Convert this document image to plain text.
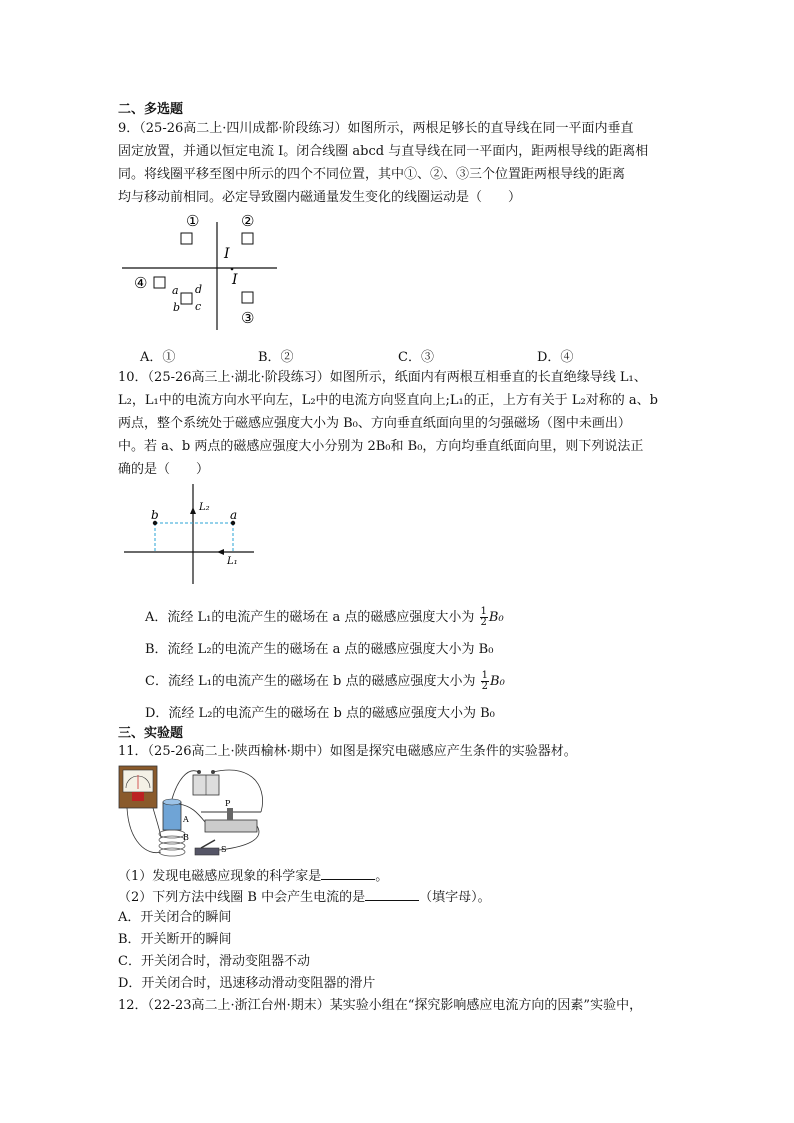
二、多选题
9．（25-26高二上·四川成都·阶段练习）如图所示，两根足够长的直导线在同一平面内垂直
固定放置，并通以恒定电流 I。闭合线圈 abcd 与直导线在同一平面内，距两根导线的距离相
同。将线圈平移至图中所示的四个不同位置，其中①、②、③三个位置距两根导线的距离
均与移动前相同。必定导致圈内磁通量发生变化的线圈运动是（　　）
①	②
I
I
④ a d
b c
③
A．①	B．②	C．③	D．④
10．（25-26高三上·湖北·阶段练习）如图所示，纸面内有两根互相垂直的长直绝缘导线 L₁、
L₂，L₁中的电流方向水平向左，L₂中的电流方向竖直向上;L₁的正，上方有关于 L₂对称的 a、b
两点，整个系统处于磁感应强度大小为 B₀、方向垂直纸面向里的匀强磁场（图中未画出）
中。若 a、b 两点的磁感应强度大小分别为 2B₀和 B₀，方向均垂直纸面向里，则下列说法正
确的是（　　）
b	a
L₂
L₁
A．流经 L₁的电流产生的磁场在 a 点的磁感应强度大小为 $\frac{1}{2} B_0$
B．流经 L₂的电流产生的磁场在 a 点的磁感应强度大小为 B₀
C．流经 L₁的电流产生的磁场在 b 点的磁感应强度大小为 $\frac{1}{2} B_0$
D．流经 L₂的电流产生的磁场在 b 点的磁感应强度大小为 B₀
三、实验题
11．（25-26高二上·陕西榆林·期中）如图是探究电磁感应产生条件的实验器材。
P
A
B
S
（1）发现电磁感应现象的科学家是	。
（2）下列方法中线圈 B 中会产生电流的是	（填字母）。
A．开关闭合的瞬间
B．开关断开的瞬间
C．开关闭合时，滑动变阻器不动
D．开关闭合时，迅速移动滑动变阻器的滑片
12．（22-23高二上·浙江台州·期末）某实验小组在“探究影响感应电流方向的因素”实验中，
